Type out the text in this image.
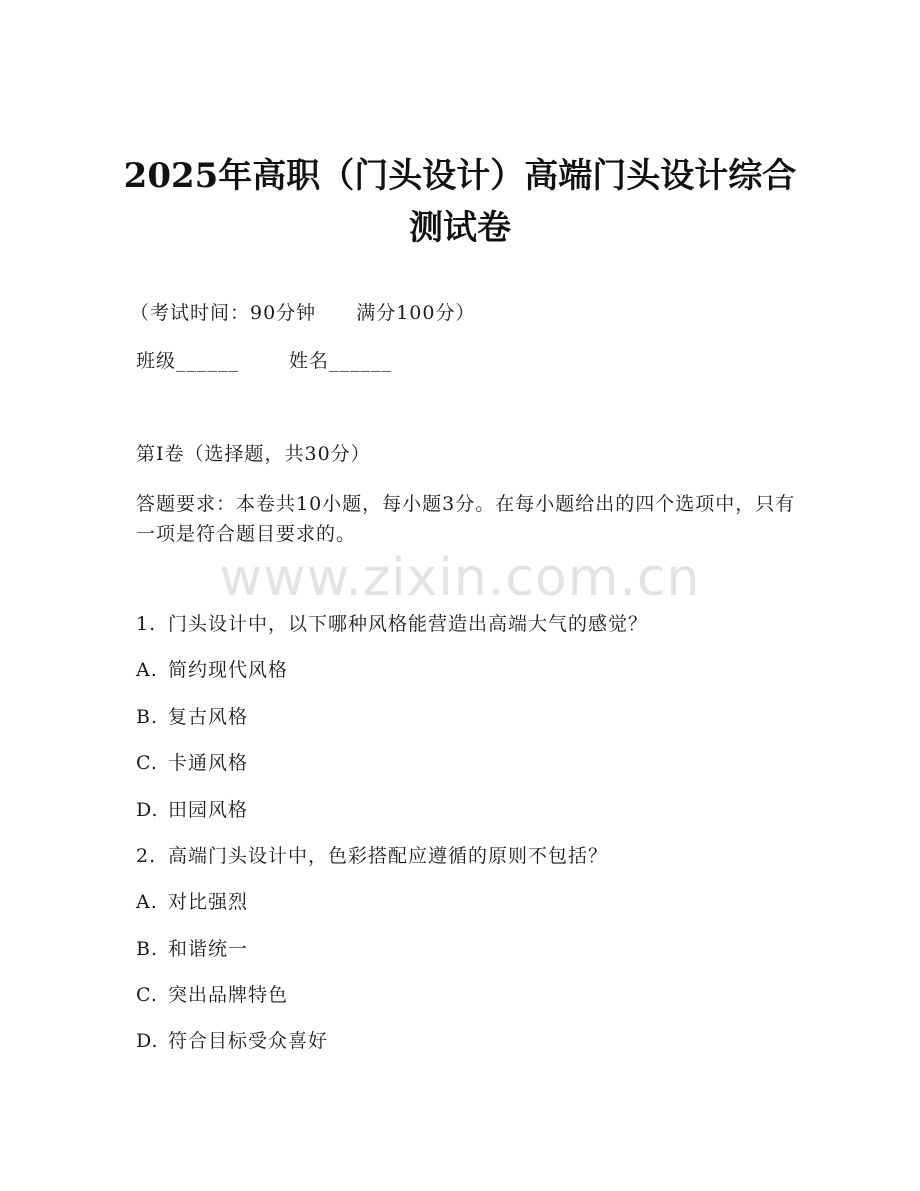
2025年高职（门头设计）高端门头设计综合
测试卷
（考试时间：90分钟 满分100分）
班级______	姓名______
第I卷（选择题，共30分）
答题要求：本卷共10小题，每小题3分。在每小题给出的四个选项中，只有一项是符合题目要求的。
www.zixin.com.cn
1. 门头设计中，以下哪种风格能营造出高端大气的感觉？
A. 简约现代风格
B. 复古风格
C. 卡通风格
D. 田园风格
2. 高端门头设计中，色彩搭配应遵循的原则不包括？
A. 对比强烈
B. 和谐统一
C. 突出品牌特色
D. 符合目标受众喜好
